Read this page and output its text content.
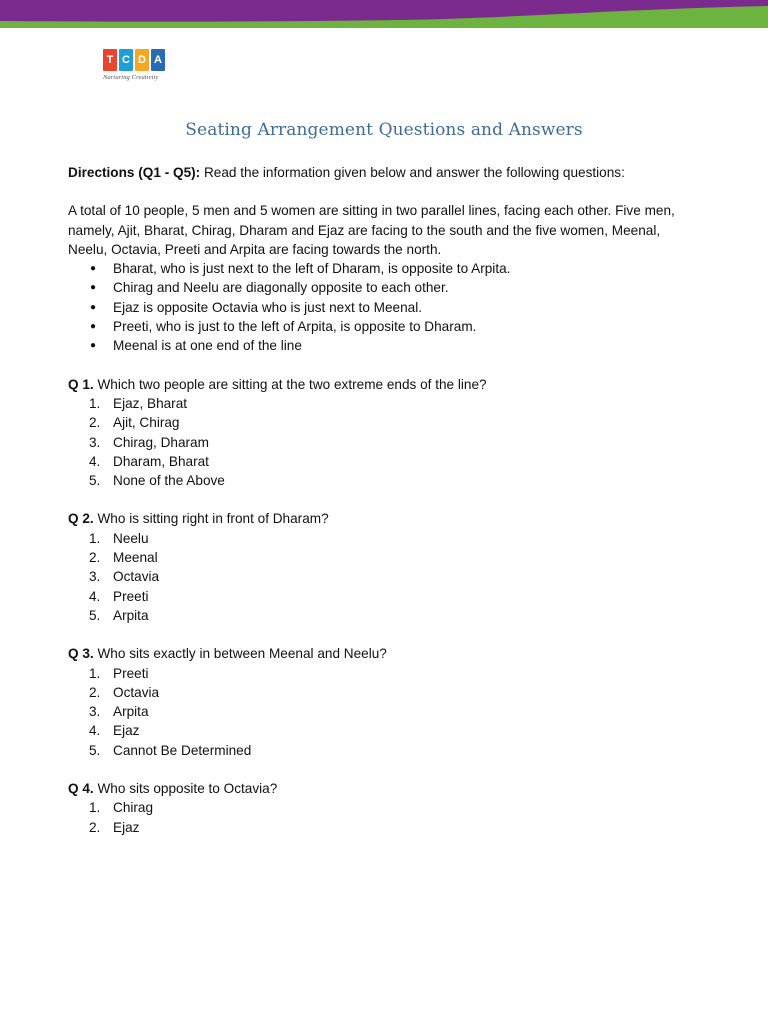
T C D A
Nurturing Creativity
Seating Arrangement Questions and Answers

Directions (Q1 - Q5): Read the information given below and answer the following questions:

A total of 10 people, 5 men and 5 women are sitting in two parallel lines, facing each other. Five men, namely, Ajit, Bharat, Chirag, Dharam and Ejaz are facing to the south and the five women, Meenal, Neelu, Octavia, Preeti and Arpita are facing towards the north.

● Bharat, who is just next to the left of Dharam, is opposite to Arpita.
● Chirag and Neelu are diagonally opposite to each other.
● Ejaz is opposite Octavia who is just next to Meenal.
● Preeti, who is just to the left of Arpita, is opposite to Dharam.
● Meenal is at one end of the line

Q 1. Which two people are sitting at the two extreme ends of the line?

1. Ejaz, Bharat
2. Ajit, Chirag
3. Chirag, Dharam
4. Dharam, Bharat
5. None of the Above

Q 2. Who is sitting right in front of Dharam?

1. Neelu
2. Meenal
3. Octavia
4. Preeti
5. Arpita

Q 3. Who sits exactly in between Meenal and Neelu?

1. Preeti
2. Octavia
3. Arpita
4. Ejaz
5. Cannot Be Determined

Q 4. Who sits opposite to Octavia?

1. Chirag
2. Ejaz
